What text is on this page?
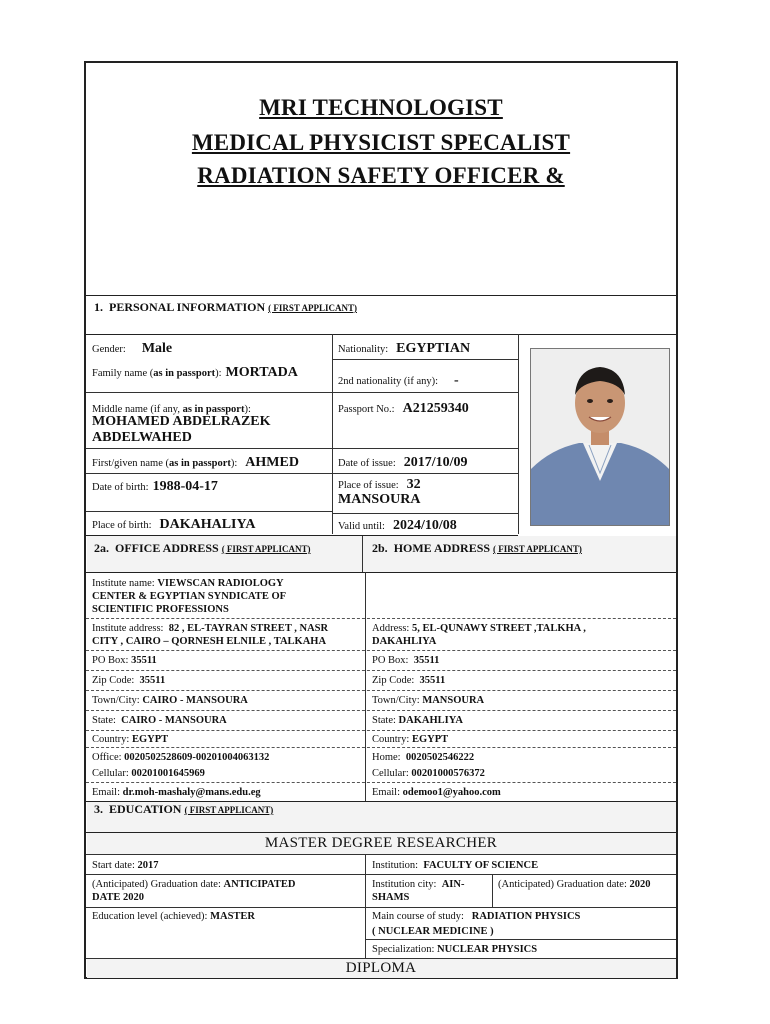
MRI TECHNOLOGIST
MEDICAL PHYSICIST SPECALIST
RADIATION SAFETY OFFICER &
1. PERSONAL INFORMATION ( FIRST APPLICANT)
Gender: Male
Family name (as in passport): MORTADA
Middle name (if any, as in passport):
MOHAMED ABDELRAZEK
ABDELWAHED
First/given name (as in passport): AHMED
Date of birth: 1988-04-17
Place of birth: DAKAHALIYA
Nationality: EGYPTIAN
2nd nationality (if any): -
Passport No.: A21259340
Date of issue: 2017/10/09
Place of issue: 32
MANSOURA
Valid until: 2024/10/08
2a. OFFICE ADDRESS ( FIRST APPLICANT)	2b. HOME ADDRESS ( FIRST APPLICANT)
Institute name: VIEWSCAN RADIOLOGY
CENTER & EGYPTIAN SYNDICATE OF
SCIENTIFIC PROFESSIONS
Institute address: 82 , EL-TAYRAN STREET , NASR
CITY , CAIRO – QORNESH ELNILE , TALKAHA
PO Box: 35511
Zip Code: 35511
Town/City: CAIRO - MANSOURA
State: CAIRO - MANSOURA
Country: EGYPT
Office: 0020502528609-00201004063132
Cellular: 00201001645969
Email: dr.moh-mashaly@mans.edu.eg
Address: 5, EL-QUNAWY STREET ,TALKHA ,
DAKAHLIYA
PO Box: 35511
Zip Code: 35511
Town/City: MANSOURA
State: DAKAHLIYA
Country: EGYPT
Home: 0020502546222
Cellular: 00201000576372
Email: odemoo1@yahoo.com
3. EDUCATION ( FIRST APPLICANT)
MASTER DEGREE RESEARCHER
Start date: 2017	Institution: FACULTY OF SCIENCE
(Anticipated) Graduation date: ANTICIPATED
DATE 2020
Institution city: AIN-
SHAMS
(Anticipated) Graduation date: 2020
Education level (achieved): MASTER	Main course of study: RADIATION PHYSICS
( NUCLEAR MEDICINE )
Specialization: NUCLEAR PHYSICS
DIPLOMA
